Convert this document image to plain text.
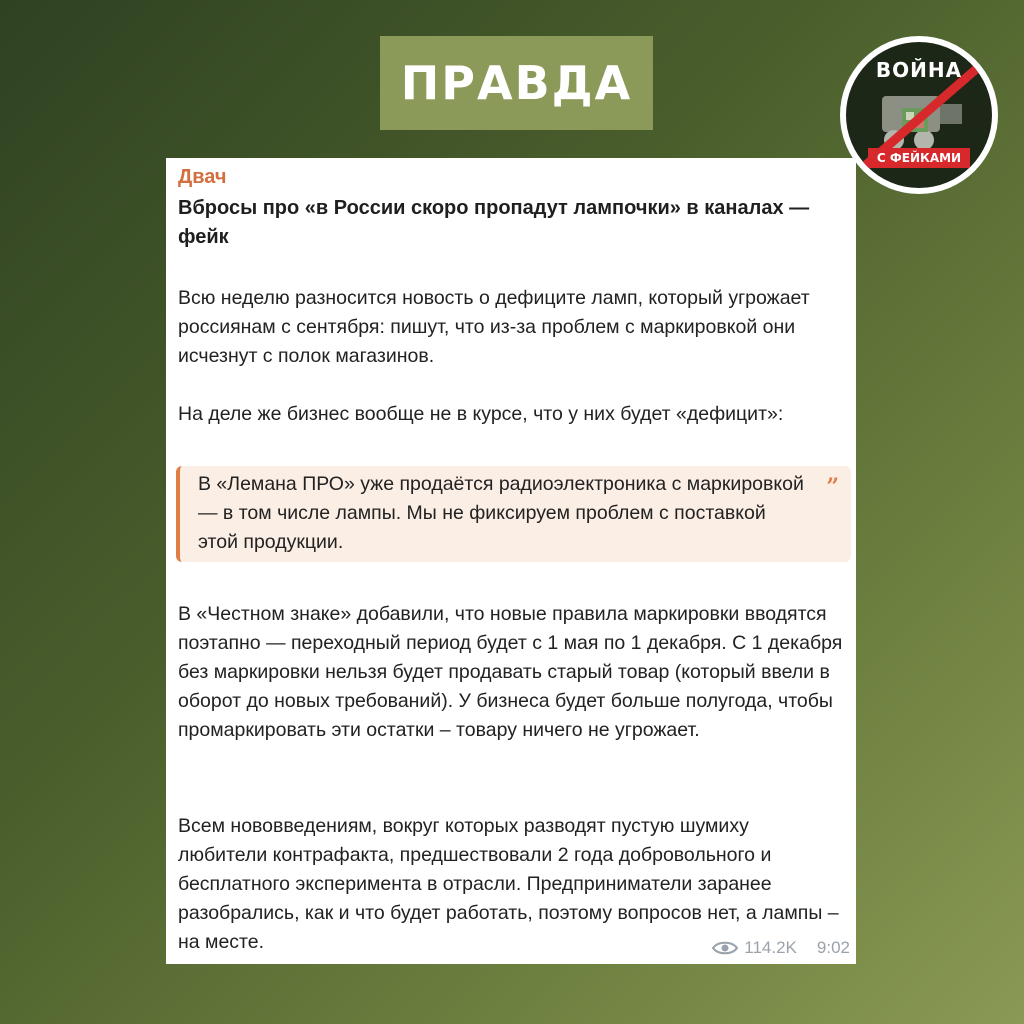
ПРАВДА	ВОЙНА
С ФЕЙКАМИ
Двач
Вбросы про «в России скоро пропадут лампочки» в каналах — фейк
Всю неделю разносится новость о дефиците ламп, который угрожает россиянам с сентября: пишут, что из-за проблем с маркировкой они исчезнут с полок магазинов.
На деле же бизнес вообще не в курсе, что у них будет «дефицит»:
В «Лемана ПРО» уже продаётся радиоэлектроника с маркировкой — в том числе лампы. Мы не фиксируем проблем с поставкой этой продукции.
”
В «Честном знаке» добавили, что новые правила маркировки вводятся поэтапно — переходный период будет с 1 мая по 1 декабря. С 1 декабря без маркировки нельзя будет продавать старый товар (который ввели в оборот до новых требований). У бизнеса будет больше полугода, чтобы промаркировать эти остатки – товару ничего не угрожает.
Всем нововведениям, вокруг которых разводят пустую шумиху любители контрафакта, предшествовали 2 года добровольного и бесплатного эксперимента в отрасли. Предприниматели заранее разобрались, как и что будет работать, поэтому вопросов нет, а лампы – на месте.	114.2K 9:02
